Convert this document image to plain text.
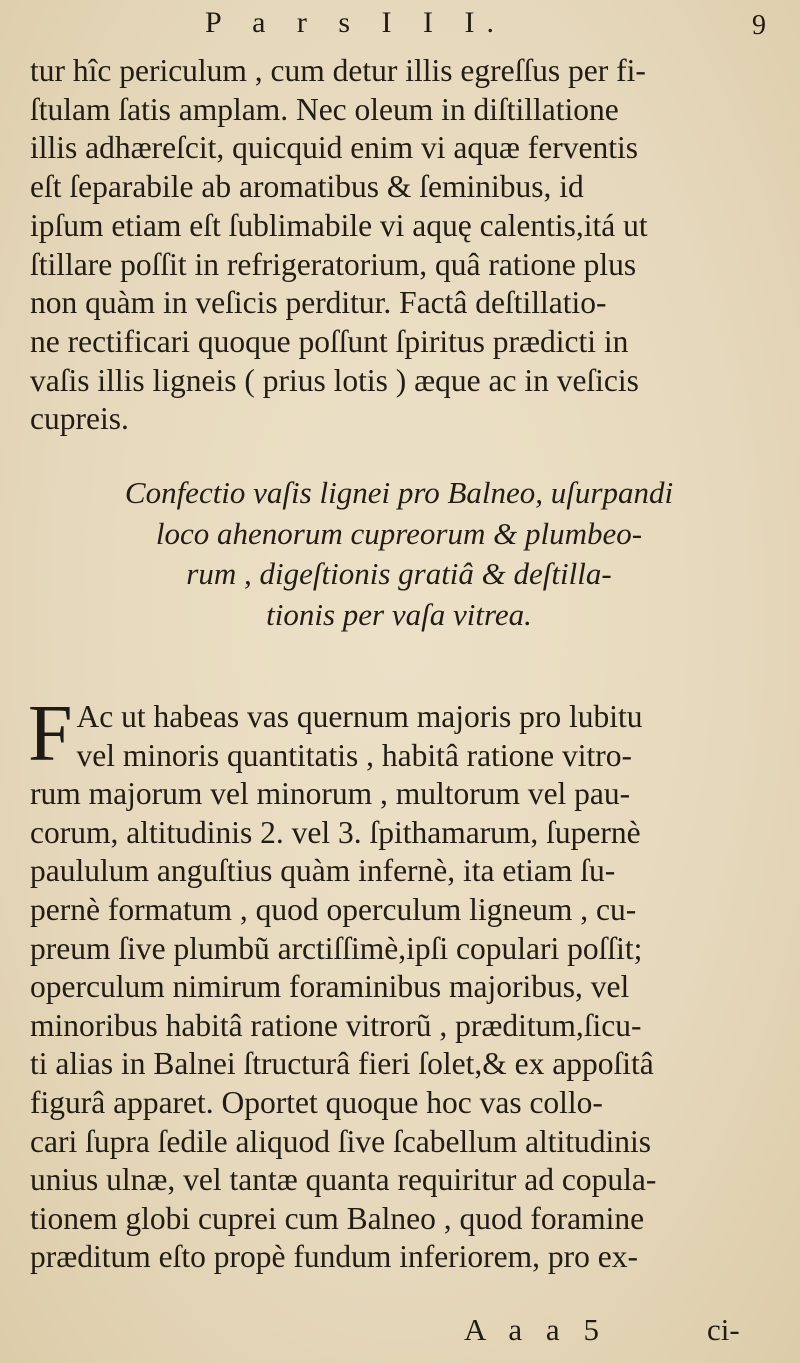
P a r s I I I.	9
tur hîc periculum , cum detur illis egreſſus per fi-
ſtulam ſatis amplam. Nec oleum in diſtillatione
illis adhæreſcit, quicquid enim vi aquæ ferventis
eſt ſeparabile ab aromatibus & ſeminibus, id
ipſum etiam eſt ſublimabile vi aquę calentis,itá ut
ſtillare poſſit in refrigeratorium, quâ ratione plus
non quàm in veſicis perditur. Factâ deſtillatio-
ne rectificari quoque poſſunt ſpiritus prædicti in
vaſis illis ligneis ( prius lotis ) æque ac in veſicis
cupreis.
Confectio vaſis lignei pro Balneo, uſurpandi
loco ahenorum cupreorum & plumbeo-
rum , digeſtionis gratiâ & deſtilla-
tionis per vaſa vitrea.
F Ac ut habeas vas quernum majoris pro lubitu
vel minoris quantitatis , habitâ ratione vitro-
rum majorum vel minorum , multorum vel pau-
corum, altitudinis 2. vel 3. ſpithamarum, ſupernè
paululum anguſtius quàm infernè, ita etiam ſu-
pernè formatum , quod operculum ligneum , cu-
preum ſive plumbũ arctiſſimè,ipſi copulari poſſit;
operculum nimirum foraminibus majoribus, vel
minoribus habitâ ratione vitrorũ , præditum,ſicu-
ti alias in Balnei ſtructurâ fieri ſolet,& ex appoſitâ
figurâ apparet. Oportet quoque hoc vas collo-
cari ſupra ſedile aliquod ſive ſcabellum altitudinis
unius ulnæ, vel tantæ quanta requiritur ad copula-
tionem globi cuprei cum Balneo , quod foramine
præditum eſto propè fundum inferiorem, pro ex-
A a a 5	ci-
